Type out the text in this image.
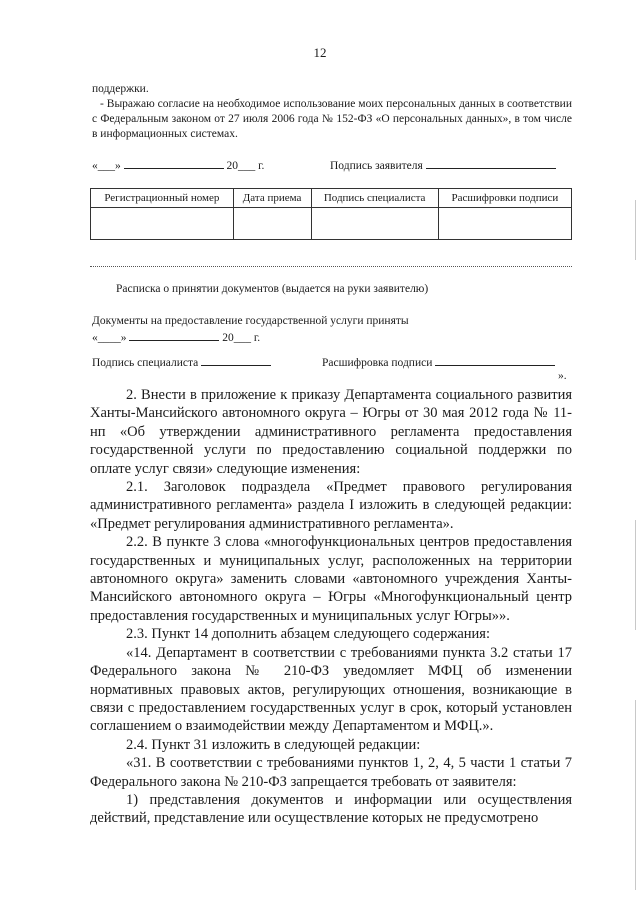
12
поддержки.
- Выражаю согласие на необходимое использование моих персональных данных в соответствии с Федеральным законом от 27 июля 2006 года № 152-ФЗ «О персональных данных», в том числе в информационных системах.
«___»	20___ г.	Подпись заявителя
Регистрационный номер	Дата приема	Подпись специалиста	Расшифровки подписи

Расписка о принятии документов (выдается на руки заявителю)
Документы на предоставление государственной услуги приняты
«____»	20___ г.
Подпись специалиста	Расшифровка подписи
».

2. Внести в приложение к приказу Департамента социального развития Ханты-Мансийского автономного округа – Югры от 30 мая 2012 года № 11-нп «Об утверждении административного регламента предоставления государственной услуги по предоставлению социальной поддержки по оплате услуг связи» следующие изменения:

2.1. Заголовок подраздела «Предмет правового регулирования административного регламента» раздела I изложить в следующей редакции: «Предмет регулирования административного регламента».

2.2. В пункте 3 слова «многофункциональных центров предоставления государственных и муниципальных услуг, расположенных на территории автономного округа» заменить словами «автономного учреждения Ханты-Мансийского автономного округа – Югры «Многофункциональный центр предоставления государственных и муниципальных услуг Югры»».

2.3. Пункт 14 дополнить абзацем следующего содержания:

«14. Департамент в соответствии с требованиями пункта 3.2 статьи 17 Федерального закона № 210-ФЗ уведомляет МФЦ об изменении нормативных правовых актов, регулирующих отношения, возникающие в связи с предоставлением государственных услуг в срок, который установлен соглашением о взаимодействии между Департаментом и МФЦ.».

2.4. Пункт 31 изложить в следующей редакции:

«31. В соответствии с требованиями пунктов 1, 2, 4, 5 части 1 статьи 7 Федерального закона № 210-ФЗ запрещается требовать от заявителя:

1) представления документов и информации или осуществления действий, представление или осуществление которых не предусмотрено
